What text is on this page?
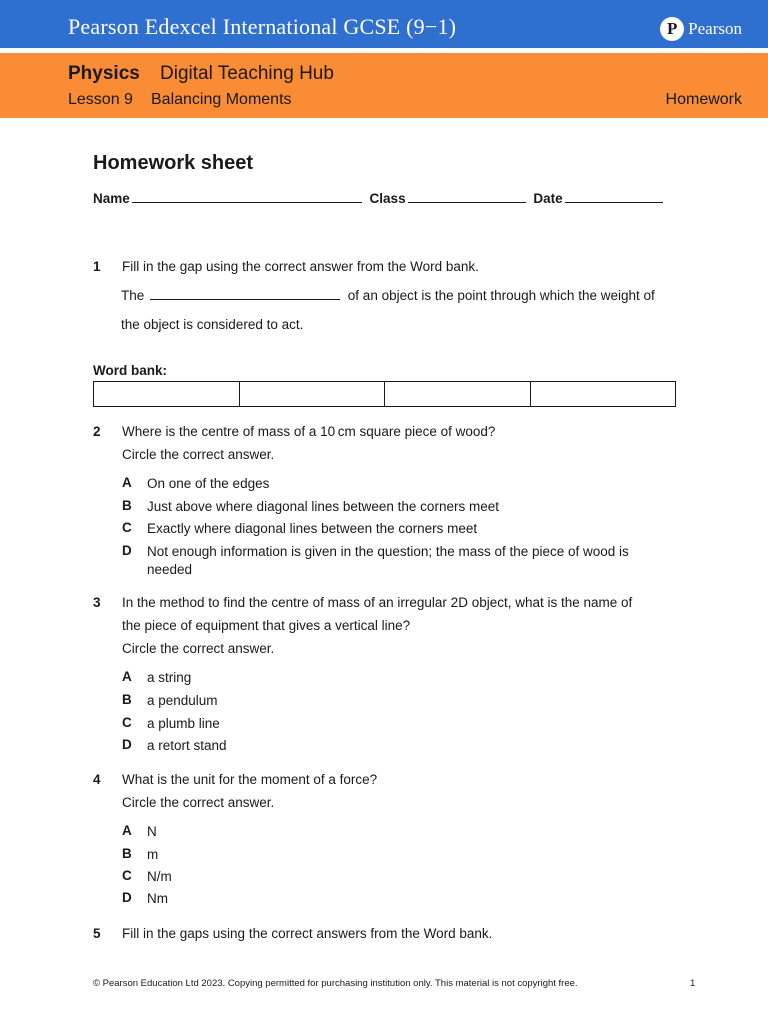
Pearson Edexcel International GCSE (9−1)	P Pearson
Physics Digital Teaching Hub
Lesson 9 Balancing Moments	Homework
Homework sheet
Name	Class	Date
1 Fill in the gap using the correct answer from the Word bank.
The	of an object is the point through which the weight of
the object is considered to act.
Word bank:
2 Where is the centre of mass of a 10 cm square piece of wood?
Circle the correct answer.
A On one of the edges
B Just above where diagonal lines between the corners meet
C Exactly where diagonal lines between the corners meet
D Not enough information is given in the question; the mass of the piece of wood is needed
3 In the method to find the centre of mass of an irregular 2D object, what is the name of
the piece of equipment that gives a vertical line?
Circle the correct answer.
A a string
B a pendulum
C a plumb line
D a retort stand
4 What is the unit for the moment of a force?
Circle the correct answer.
A N
B m
C N/m
D Nm
5 Fill in the gaps using the correct answers from the Word bank.
© Pearson Education Ltd 2023. Copying permitted for purchasing institution only. This material is not copyright free.	1
